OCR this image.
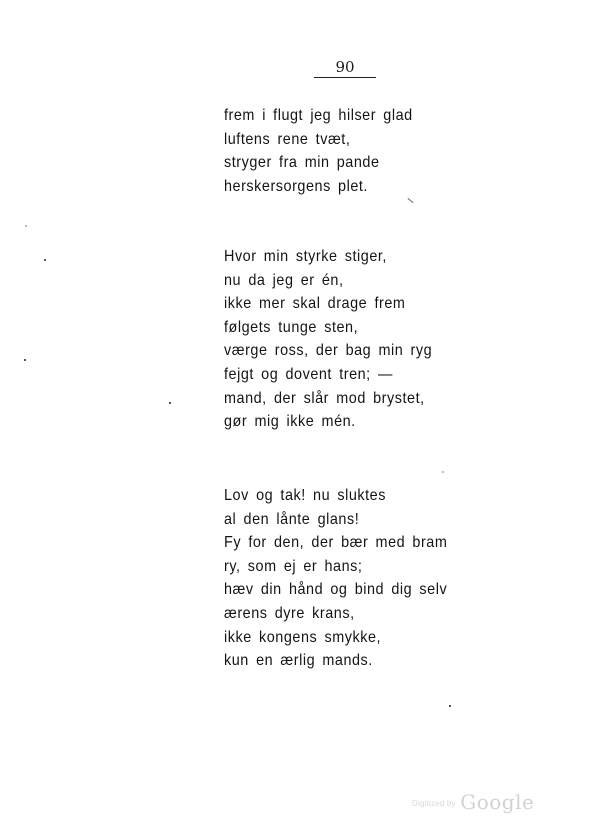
90
frem i flugt jeg hilser glad
luftens rene tvæt,
stryger fra min pande
herskersorgens plet.
Hvor min styrke stiger,
nu da jeg er én,
ikke mer skal drage frem
følgets tunge sten,
værge ross, der bag min ryg
fejgt og dovent tren; —
mand, der slår mod brystet,
gør mig ikke mén.
Lov og tak! nu sluktes
al den lånte glans!
Fy for den, der bær med bram
ry, som ej er hans;
hæv din hånd og bind dig selv
ærens dyre krans,
ikke kongens smykke,
kun en ærlig mands.
Digitized by Google
